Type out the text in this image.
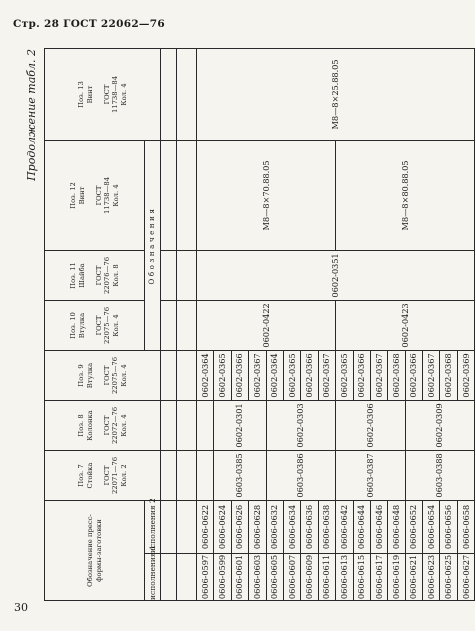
Стр. 28 ГОСТ 22062—76
30
Продолжение табл. 2
Обозначение пресс-формы-заготовки		Поз. 7 Стойка ГОСТ 22071—76 Кол. 2	Поз. 8 Колонка ГОСТ 22072—76 Кол. 4	Поз. 9 Втулка ГОСТ 22075—76 Кол. 4	Поз. 10 Втулка ГОСТ 22075—76 Кол. 4	Поз. 11 Шайба ГОСТ 22076—76 Кол. 8	Поз. 12 Винт ГОСТ 11738—84 Кол. 4	Поз. 13 Винт ГОСТ 11738—84 Кол. 4

исполнения 1	исполнения 2				Обозначения			

0606-0597	0606-0622			0602-0364	0602-0422	0602-0351	M8—8×70.88.05	M8—8×25.88.05
0606-0599	0606-0624	0603-0385	0602-0301	0602-0365				
0606-0601	0606-0626			0602-0366				
0606-0603	0606-0628			0602-0367				
0606-0605	0606-0632	0603-0386	0602-0303	0602-0364				
0606-0607	0606-0634			0602-0365				
0606-0609	0606-0636			0602-0366				
0606-0611	0606-0638			0602-0367				
0606-0613	0606-0642	0603-0387	0602-0306	0602-0365	0602-0423		M8—8×80.88.05	
0606-0615	0606-0644			0602-0366				
0606-0617	0606-0646			0602-0367				
0606-0619	0606-0648			0602-0368				
0606-0621	0606-0652	0603-0388	0602-0309	0602-0366				
0606-0623	0606-0654			0602-0367				
0606-0625	0606-0656			0602-0368				
0606-0627	0606-0658			0602-0369				
